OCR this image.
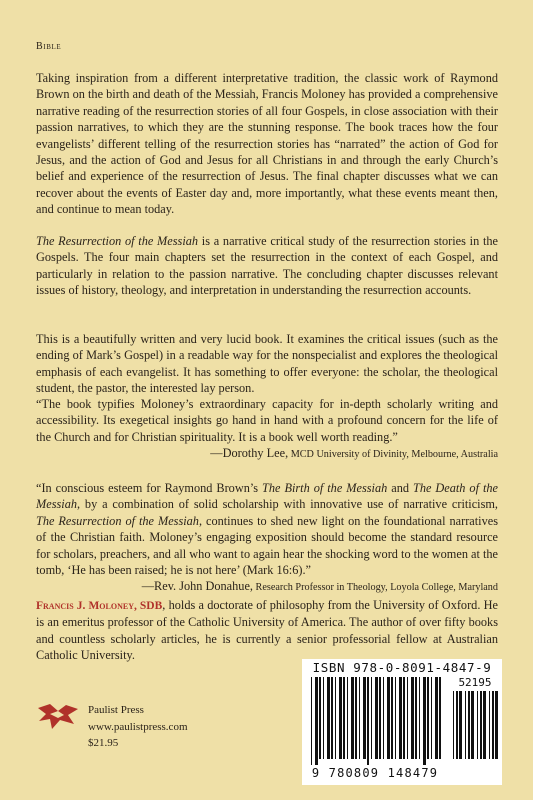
Bible

Taking inspiration from a different interpretative tradition, the classic work of Raymond Brown on the birth and death of the Messiah, Francis Moloney has provided a comprehensive narrative reading of the resurrection stories of all four Gospels, in close association with their passion narratives, to which they are the stunning response. The book traces how the four evangelists’ different telling of the resurrection stories has “narrated” the action of God for Jesus, and the action of God and Jesus for all Christians in and through the early Church’s belief and experience of the resurrection of Jesus. The final chapter discusses what we can recover about the events of Easter day and, more importantly, what these events meant then, and continue to mean today.

The Resurrection of the Messiah is a narrative critical study of the resurrection stories in the Gospels. The four main chapters set the resurrection in the context of each Gospel, and particularly in relation to the passion narrative. The concluding chapter discusses relevant issues of history, theology, and interpretation in understanding the resurrection accounts.

This is a beautifully written and very lucid book. It examines the critical issues (such as the ending of Mark’s Gospel) in a readable way for the nonspecialist and explores the theological emphasis of each evangelist. It has something to offer everyone: the scholar, the theological student, the pastor, the interested lay person.

“The book typifies Moloney’s extraordinary capacity for in-depth scholarly writing and accessibility. Its exegetical insights go hand in hand with a profound concern for the life of the Church and for Christian spirituality. It is a book well worth reading.”
—Dorothy Lee, MCD University of Divinity, Melbourne, Australia
“In conscious esteem for Raymond Brown’s The Birth of the Messiah and The Death of the Messiah, by a combination of solid scholarship with innovative use of narrative criticism, The Resurrection of the Messiah, continues to shed new light on the foundational narratives of the Christian faith. Moloney’s engaging exposition should become the standard resource for scholars, preachers, and all who want to again hear the shocking word to the women at the tomb, ‘He has been raised; he is not here’ (Mark 16:6).”
—Rev. John Donahue, Research Professor in Theology, Loyola College, Maryland

Francis J. Moloney, SDB, holds a doctorate of philosophy from the University of Oxford. He is an emeritus professor of the Catholic University of America. The author of over fifty books and countless scholarly articles, he is currently a senior professorial fellow at Australian Catholic University.

Paulist Press
www.paulistpress.com
$21.95
ISBN 978-0-8091-4847-9
52195
9 780809 148479
